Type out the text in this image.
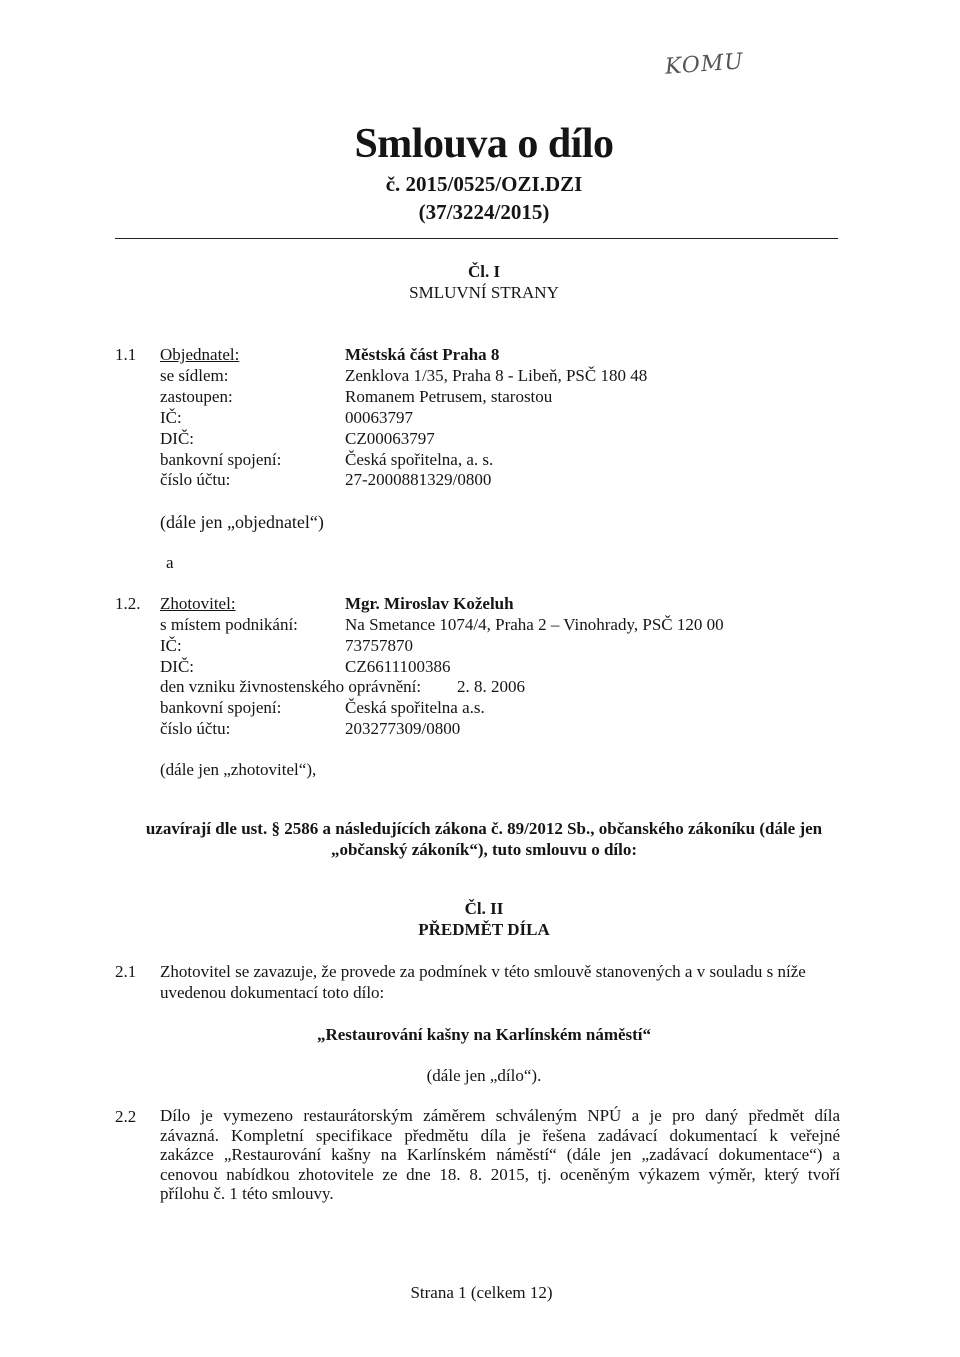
KOMU
Smlouva o dílo
č. 2015/0525/OZI.DZI
(37/3224/2015)
Čl. I
SMLUVNÍ STRANY
1.1 Objednatel:	Městská část Praha 8
se sídlem:	Zenklova 1/35, Praha 8 - Libeň, PSČ 180 48
zastoupen:	Romanem Petrusem, starostou
IČ:	00063797
DIČ:	CZ00063797
bankovní spojení:	Česká spořitelna, a. s.
číslo účtu:	27-2000881329/0800
(dále jen „objednatel“)
a
1.2. Zhotovitel:	Mgr. Miroslav Koželuh
s místem podnikání:	Na Smetance 1074/4, Praha 2 – Vinohrady, PSČ 120 00
IČ:	73757870
DIČ:	CZ6611100386
den vzniku živnostenského oprávnění: 2. 8. 2006
bankovní spojení:	Česká spořitelna a.s.
číslo účtu:	203277309/0800
(dále jen „zhotovitel“),
uzavírají dle ust. § 2586 a následujících zákona č. 89/2012 Sb., občanského zákoníku (dále jen
„občanský zákoník“), tuto smlouvu o dílo:
Čl. II
PŘEDMĚT DÍLA
2.1 Zhotovitel se zavazuje, že provede za podmínek v této smlouvě stanovených a v souladu s níže
uvedenou dokumentací toto dílo:
„Restaurování kašny na Karlínském náměstí“
(dále jen „dílo“).
2.2 Dílo je vymezeno restaurátorským záměrem schváleným NPÚ a je pro daný předmět díla
závazná. Kompletní specifikace předmětu díla je řešena zadávací dokumentací k veřejné
zakázce „Restaurování kašny na Karlínském náměstí“ (dále jen „zadávací dokumentace“) a
cenovou nabídkou zhotovitele ze dne 18. 8. 2015, tj. oceněným výkazem výměr, který tvoří
přílohu č. 1 této smlouvy.
Strana 1 (celkem 12)
